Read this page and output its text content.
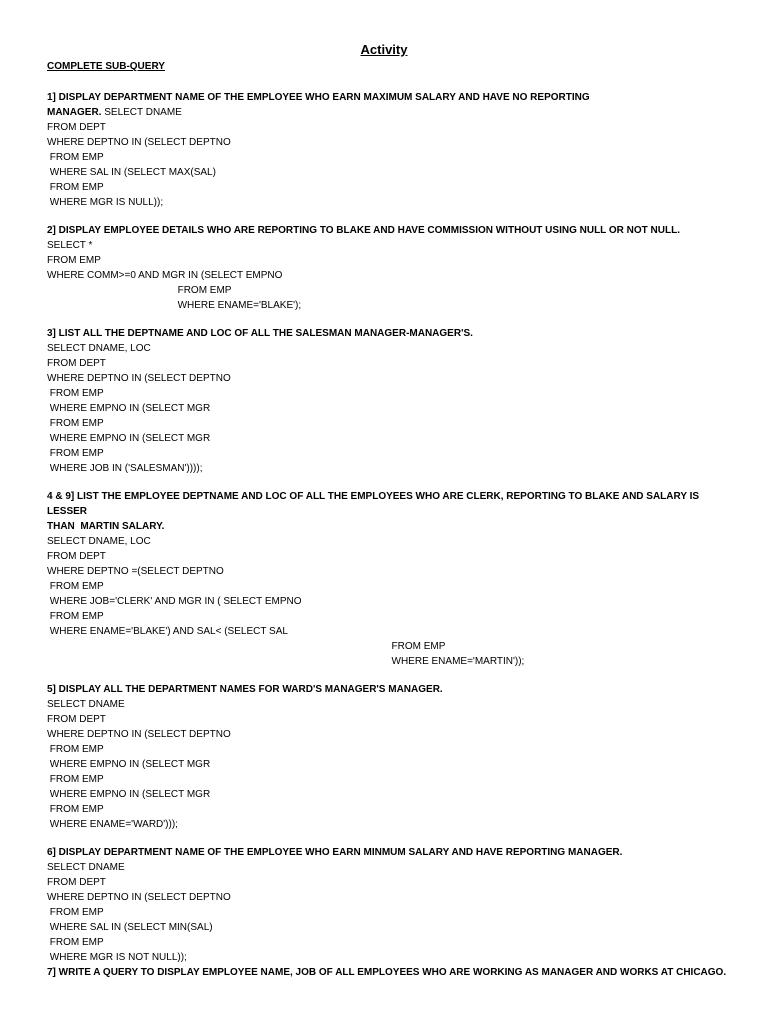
Activity
COMPLETE SUB-QUERY
1] DISPLAY DEPARTMENT NAME OF THE EMPLOYEE WHO EARN MAXIMUM SALARY AND HAVE NO REPORTING
MANAGER. SELECT DNAME
FROM DEPT
WHERE DEPTNO IN (SELECT DEPTNO
FROM EMP
WHERE SAL IN (SELECT MAX(SAL)
FROM EMP
WHERE MGR IS NULL));
2] DISPLAY EMPLOYEE DETAILS WHO ARE REPORTING TO BLAKE AND HAVE COMMISSION WITHOUT USING NULL OR NOT NULL.
SELECT *
FROM EMP
WHERE COMM>=0 AND MGR IN (SELECT EMPNO
FROM EMP
WHERE ENAME='BLAKE');
3] LIST ALL THE DEPTNAME AND LOC OF ALL THE SALESMAN MANAGER-MANAGER'S.
SELECT DNAME, LOC
FROM DEPT
WHERE DEPTNO IN (SELECT DEPTNO
FROM EMP
WHERE EMPNO IN (SELECT MGR
FROM EMP
WHERE EMPNO IN (SELECT MGR
FROM EMP
WHERE JOB IN ('SALESMAN'))));
4 & 9] LIST THE EMPLOYEE DEPTNAME AND LOC OF ALL THE EMPLOYEES WHO ARE CLERK, REPORTING TO BLAKE AND SALARY IS LESSER
THAN  MARTIN SALARY.
SELECT DNAME, LOC
FROM DEPT
WHERE DEPTNO =(SELECT DEPTNO
FROM EMP
WHERE JOB='CLERK' AND MGR IN ( SELECT EMPNO
FROM EMP
WHERE ENAME='BLAKE') AND SAL< (SELECT SAL
FROM EMP
WHERE ENAME='MARTIN'));
5] DISPLAY ALL THE DEPARTMENT NAMES FOR WARD'S MANAGER'S MANAGER.
SELECT DNAME
FROM DEPT
WHERE DEPTNO IN (SELECT DEPTNO
FROM EMP
WHERE EMPNO IN (SELECT MGR
FROM EMP
WHERE EMPNO IN (SELECT MGR
FROM EMP
WHERE ENAME='WARD')));
6] DISPLAY DEPARTMENT NAME OF THE EMPLOYEE WHO EARN MINMUM SALARY AND HAVE REPORTING MANAGER.
SELECT DNAME
FROM DEPT
WHERE DEPTNO IN (SELECT DEPTNO
FROM EMP
WHERE SAL IN (SELECT MIN(SAL)
FROM EMP
WHERE MGR IS NOT NULL));
7] WRITE A QUERY TO DISPLAY EMPLOYEE NAME, JOB OF ALL EMPLOYEES WHO ARE WORKING AS MANAGER AND WORKS AT CHICAGO.
